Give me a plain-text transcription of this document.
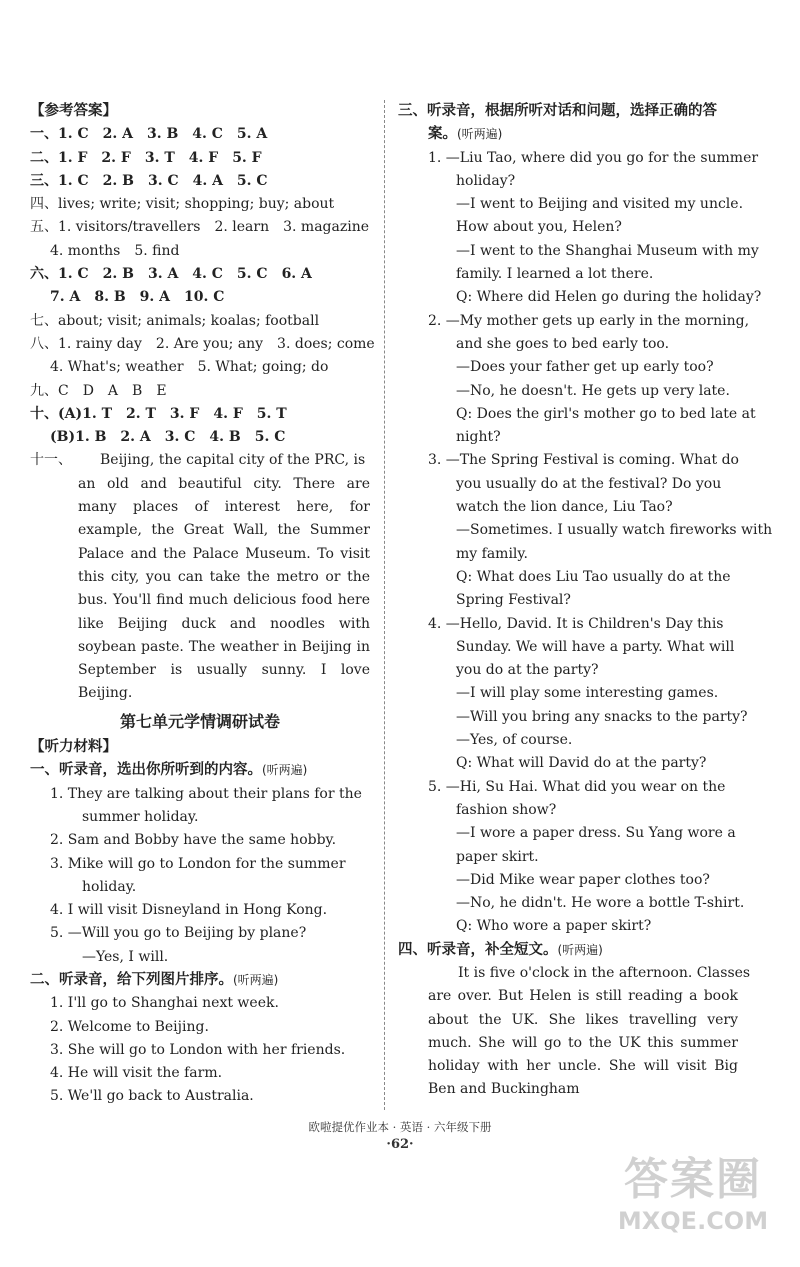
【参考答案】
一、1. C　2. A　3. B　4. C　5. A
二、1. F　2. F　3. T　4. F　5. F
三、1. C　2. B　3. C　4. A　5. C
四、lives; write; visit; shopping; buy; about
五、1. visitors/travellers　2. learn　3. magazine
4. months　5. find
六、1. C　2. B　3. A　4. C　5. C　6. A
7. A　8. B　9. A　10. C
七、about; visit; animals; koalas; football
八、1. rainy day　2. Are you; any　3. does; come
4. What's; weather　5. What; going; do
九、C　D　A　B　E
十、(A)1. T　2. T　3. F　4. F　5. T
(B)1. B　2. A　3. C　4. B　5. C
十一、 Beijing, the capital city of the PRC, is
an old and beautiful city. There are many places of interest here, for example, the Great Wall, the Summer Palace and the Palace Museum. To visit this city, you can take the metro or the bus. You'll find much delicious food here like Beijing duck and noodles with soybean paste. The weather in Beijing in September is usually sunny. I love Beijing.
第七单元学情调研试卷
【听力材料】
一、听录音，选出你所听到的内容。(听两遍)
1. They are talking about their plans for the
summer holiday.
2. Sam and Bobby have the same hobby.
3. Mike will go to London for the summer
holiday.
4. I will visit Disneyland in Hong Kong.
5. —Will you go to Beijing by plane?
—Yes, I will.
二、听录音，给下列图片排序。(听两遍)
1. I'll go to Shanghai next week.
2. Welcome to Beijing.
3. She will go to London with her friends.
4. He will visit the farm.
5. We'll go back to Australia.
三、听录音，根据所听对话和问题，选择正确的答
案。(听两遍)
1. —Liu Tao, where did you go for the summer
holiday?
—I went to Beijing and visited my uncle.
How about you, Helen?
—I went to the Shanghai Museum with my
family. I learned a lot there.
Q: Where did Helen go during the holiday?
2. —My mother gets up early in the morning,
and she goes to bed early too.
—Does your father get up early too?
—No, he doesn't. He gets up very late.
Q: Does the girl's mother go to bed late at
night?
3. —The Spring Festival is coming. What do
you usually do at the festival? Do you
watch the lion dance, Liu Tao?
—Sometimes. I usually watch fireworks with
my family.
Q: What does Liu Tao usually do at the
Spring Festival?
4. —Hello, David. It is Children's Day this
Sunday. We will have a party. What will
you do at the party?
—I will play some interesting games.
—Will you bring any snacks to the party?
—Yes, of course.
Q: What will David do at the party?
5. —Hi, Su Hai. What did you wear on the
fashion show?
—I wore a paper dress. Su Yang wore a
paper skirt.
—Did Mike wear paper clothes too?
—No, he didn't. He wore a bottle T-shirt.
Q: Who wore a paper skirt?
四、听录音，补全短文。(听两遍)
It is five o'clock in the afternoon. Classes
are over. But Helen is still reading a book about the UK. She likes travelling very much. She will go to the UK this summer holiday with her uncle. She will visit Big Ben and Buckingham
欧啦提优作业本 · 英语 · 六年级下册
·62·
答案圈
MXQE.COM
